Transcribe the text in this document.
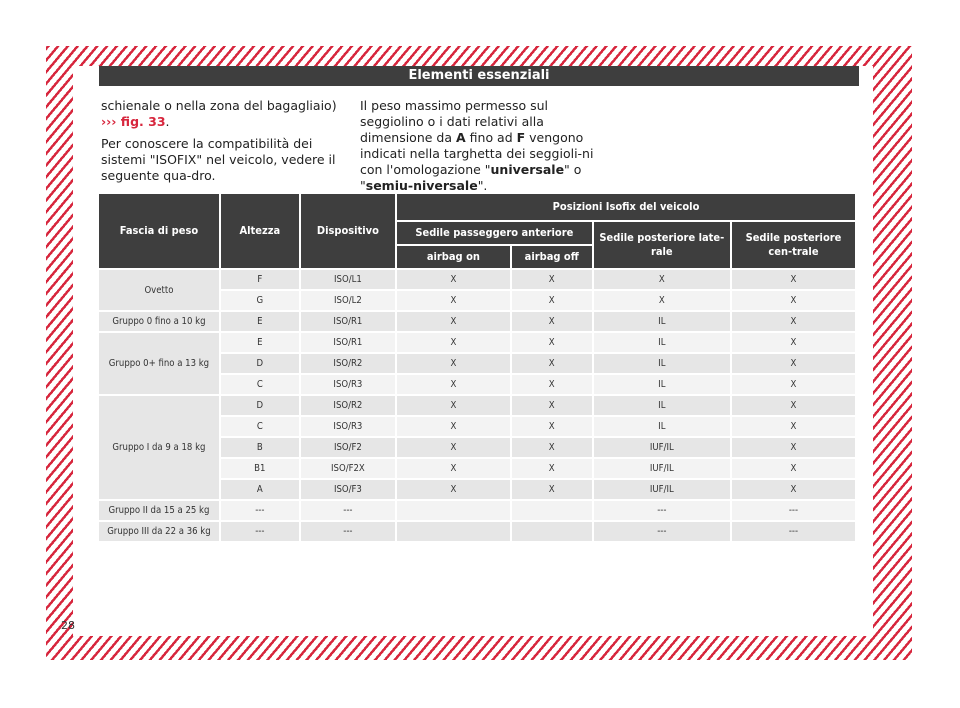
Elementi essenziali

schienale o nella zona del bagagliaio)
››› fig. 33.

Per conoscere la compatibilità dei sistemi "ISOFIX" nel veicolo, vedere il seguente qua-dro.

Il peso massimo permesso sul seggiolino o i dati relativi alla dimensione da A fino ad F vengono indicati nella targhetta dei seggioli-ni con l'omologazione "universale" o "semiu-niversale".

Fascia di peso	Altezza	Dispositivo	Posizioni Isofix del veicolo			
			Sedile passeggero anteriore		Sedile posteriore late-rale	Sedile posteriore cen-trale
			airbag on	airbag off		
Ovetto	F	ISO/L1	X	X	X	X
	G	ISO/L2	X	X	X	X
Gruppo 0 fino a 10 kg	E	ISO/R1	X	X	IL	X
Gruppo 0+ fino a 13 kg	E	ISO/R1	X	X	IL	X
	D	ISO/R2	X	X	IL	X
	C	ISO/R3	X	X	IL	X
Gruppo I da 9 a 18 kg	D	ISO/R2	X	X	IL	X
	C	ISO/R3	X	X	IL	X
	B	ISO/F2	X	X	IUF/IL	X
	B1	ISO/F2X	X	X	IUF/IL	X
	A	ISO/F3	X	X	IUF/IL	X
Gruppo II da 15 a 25 kg	---	---			---	---
Gruppo III da 22 a 36 kg	---	---			---	---
28
